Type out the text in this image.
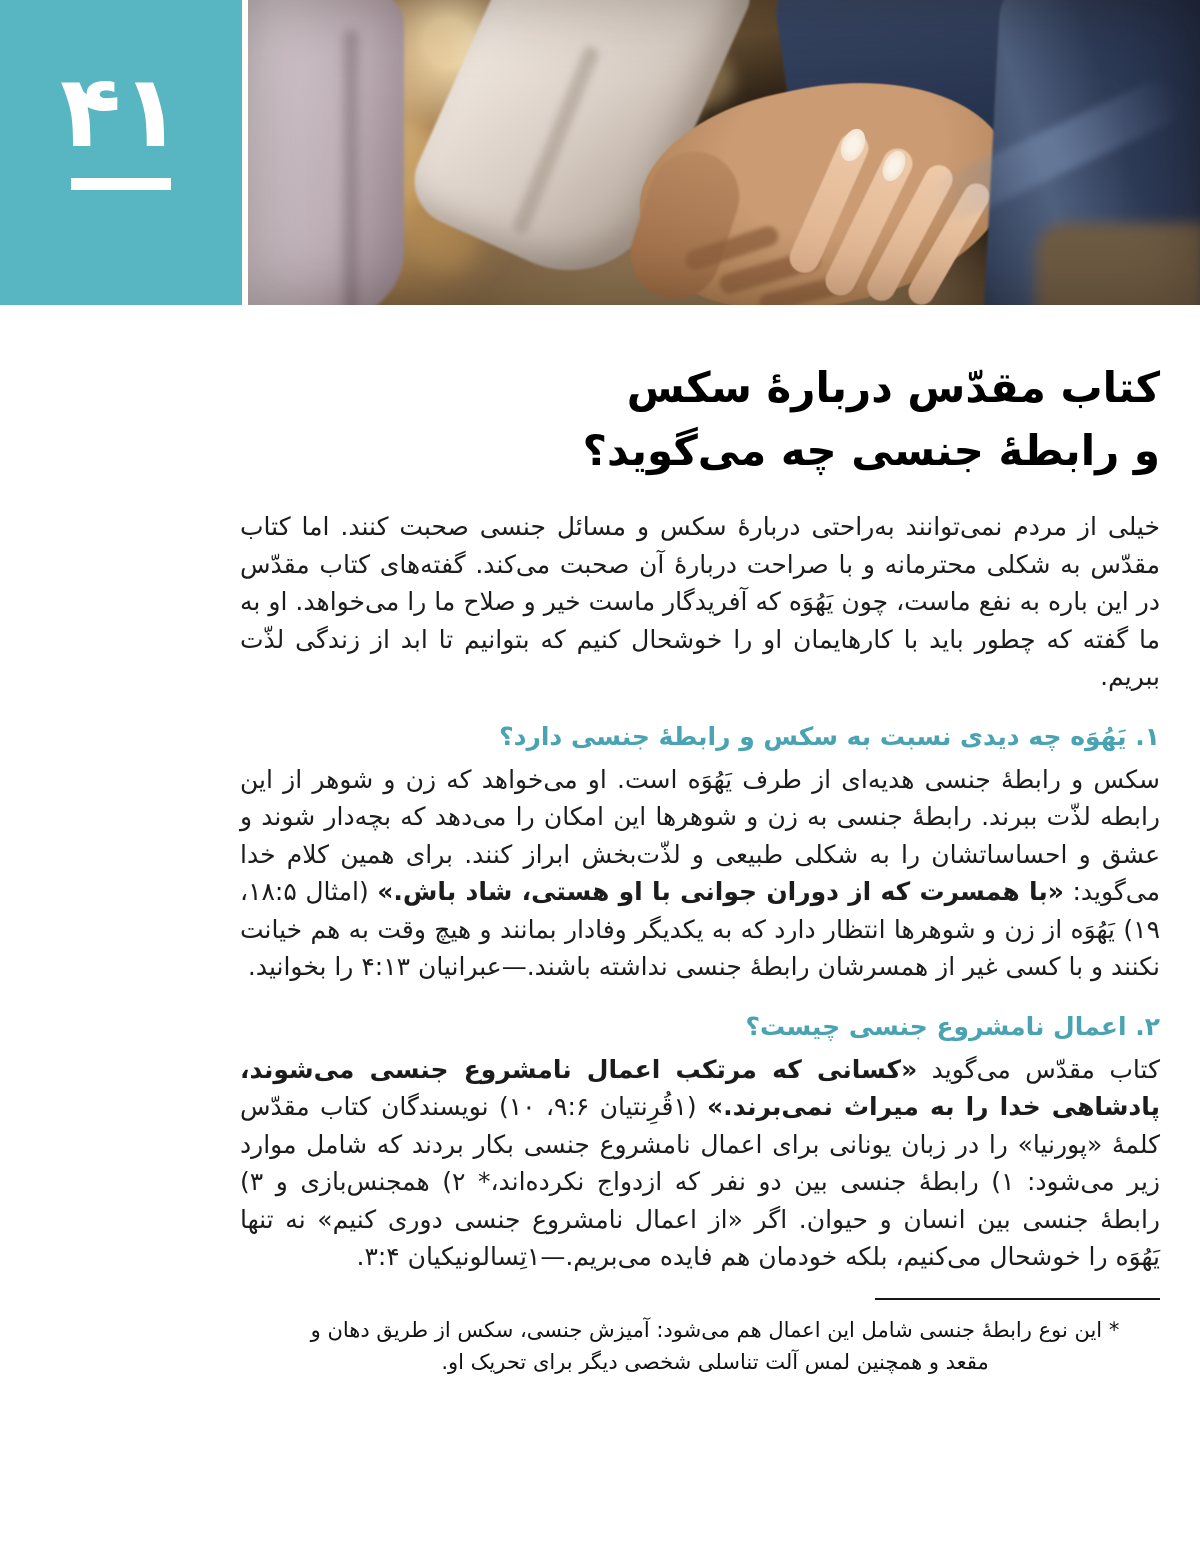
۴۱
کتاب مقدّس دربارهٔ سکس
و رابطهٔ جنسی چه می‌گوید؟

خیلی از مردم نمی‌توانند به‌راحتی دربارهٔ سکس و مسائل جنسی صحبت کنند. اما کتاب مقدّس به شکلی محترمانه و با صراحت دربارهٔ آن صحبت می‌کند. گفته‌های کتاب مقدّس در این باره به نفع ماست، چون یَهُوَه که آفریدگار ماست خیر و صلاح ما را می‌خواهد. او به ما گفته که چطور باید با کارهایمان او را خوشحال کنیم که بتوانیم تا ابد از زندگی لذّت ببریم.

۱. یَهُوَه چه دیدی نسبت به سکس و رابطهٔ جنسی دارد؟

سکس و رابطهٔ جنسی هدیه‌ای از طرف یَهُوَه است. او می‌خواهد که زن و شوهر از این رابطه لذّت ببرند. رابطهٔ جنسی به زن و شوهرها این امکان را می‌دهد که بچه‌دار شوند و عشق و احساساتشان را به شکلی طبیعی و لذّت‌بخش ابراز کنند. برای همین کلام خدا می‌گوید: «با همسرت که از دوران جوانی با او هستی، شاد باش.» (امثال ۱۸:۵، ۱۹) یَهُوَه از زن و شوهرها انتظار دارد که به یکدیگر وفادار بمانند و هیچ وقت به هم خیانت نکنند و با کسی غیر از همسرشان رابطهٔ جنسی نداشته باشند.—عبرانیان ۴:۱۳ را بخوانید.

۲. اعمال نامشروع جنسی چیست؟

کتاب مقدّس می‌گوید «کسانی که مرتکب اعمال نامشروع جنسی می‌شوند، پادشاهی خدا را به میراث نمی‌برند.» (۱قُرِنتیان ۹:۶، ۱۰) نویسندگان کتاب مقدّس کلمهٔ «پورنیا» را در زبان یونانی برای اعمال نامشروع جنسی بکار بردند که شامل موارد زیر می‌شود: ۱) رابطهٔ جنسی بین دو نفر که ازدواج نکرده‌اند،* ۲) همجنس‌بازی و ۳) رابطهٔ جنسی بین انسان و حیوان. اگر «از اعمال نامشروع جنسی دوری کنیم» نه تنها یَهُوَه را خوشحال می‌کنیم، بلکه خودمان هم فایده می‌بریم.—۱تِسالونیکیان ۳:۴.

* این نوع رابطهٔ جنسی شامل این اعمال هم می‌شود: آمیزش جنسی، سکس از طریق دهان و مقعد و همچنین لمس آلت تناسلی شخصی دیگر برای تحریک او.
